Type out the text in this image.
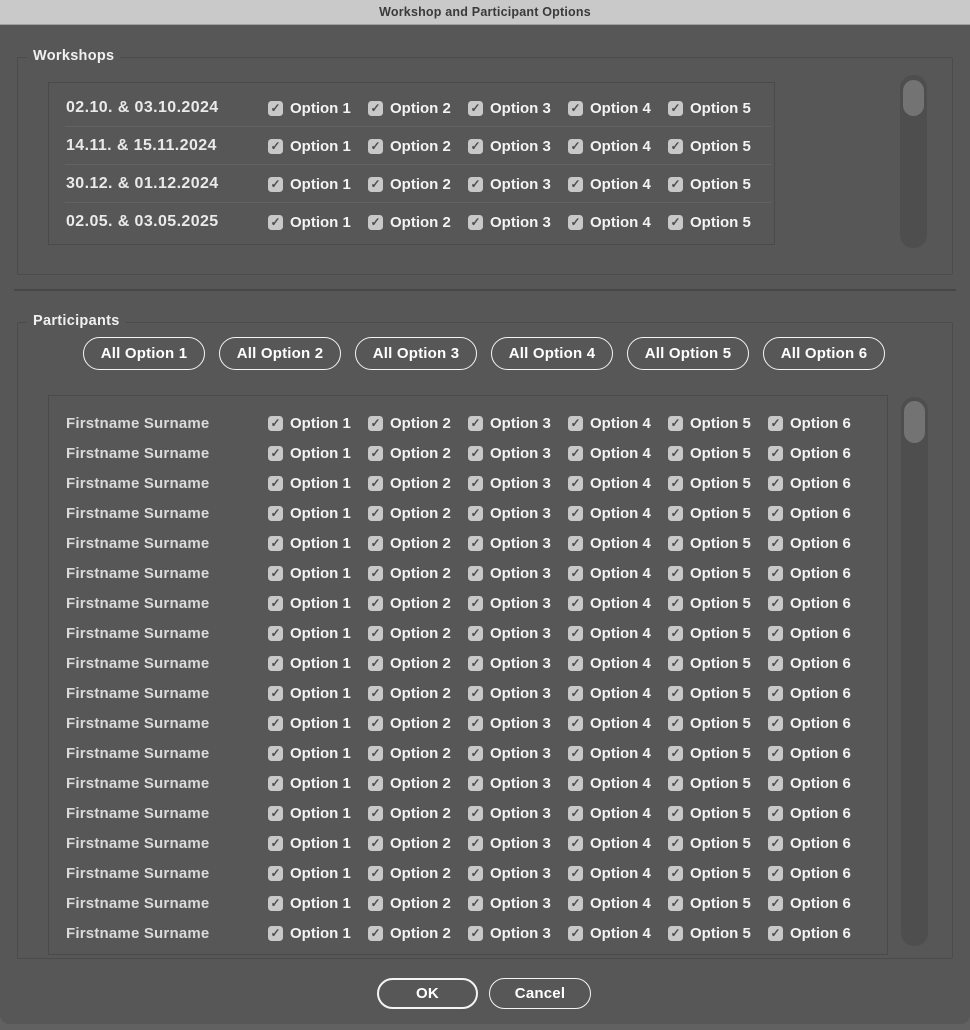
Workshop and Participant Options
Workshops
02.10. & 03.10.2024	✓ Option 1 ✓ Option 2 ✓ Option 3 ✓ Option 4 ✓ Option 5
14.11. & 15.11.2024	✓ Option 1 ✓ Option 2 ✓ Option 3 ✓ Option 4 ✓ Option 5
30.12. & 01.12.2024	✓ Option 1 ✓ Option 2 ✓ Option 3 ✓ Option 4 ✓ Option 5
02.05. & 03.05.2025	✓ Option 1 ✓ Option 2 ✓ Option 3 ✓ Option 4 ✓ Option 5
Participants
All Option 1	All Option 2	All Option 3	All Option 4	All Option 5	All Option 6
Firstname Surname	✓ Option 1 ✓ Option 2 ✓ Option 3 ✓ Option 4 ✓ Option 5 ✓ Option 6
Firstname Surname	✓ Option 1 ✓ Option 2 ✓ Option 3 ✓ Option 4 ✓ Option 5 ✓ Option 6
Firstname Surname	✓ Option 1 ✓ Option 2 ✓ Option 3 ✓ Option 4 ✓ Option 5 ✓ Option 6
Firstname Surname	✓ Option 1 ✓ Option 2 ✓ Option 3 ✓ Option 4 ✓ Option 5 ✓ Option 6
Firstname Surname	✓ Option 1 ✓ Option 2 ✓ Option 3 ✓ Option 4 ✓ Option 5 ✓ Option 6
Firstname Surname	✓ Option 1 ✓ Option 2 ✓ Option 3 ✓ Option 4 ✓ Option 5 ✓ Option 6
Firstname Surname	✓ Option 1 ✓ Option 2 ✓ Option 3 ✓ Option 4 ✓ Option 5 ✓ Option 6
Firstname Surname	✓ Option 1 ✓ Option 2 ✓ Option 3 ✓ Option 4 ✓ Option 5 ✓ Option 6
Firstname Surname	✓ Option 1 ✓ Option 2 ✓ Option 3 ✓ Option 4 ✓ Option 5 ✓ Option 6
Firstname Surname	✓ Option 1 ✓ Option 2 ✓ Option 3 ✓ Option 4 ✓ Option 5 ✓ Option 6
Firstname Surname	✓ Option 1 ✓ Option 2 ✓ Option 3 ✓ Option 4 ✓ Option 5 ✓ Option 6
Firstname Surname	✓ Option 1 ✓ Option 2 ✓ Option 3 ✓ Option 4 ✓ Option 5 ✓ Option 6
Firstname Surname	✓ Option 1 ✓ Option 2 ✓ Option 3 ✓ Option 4 ✓ Option 5 ✓ Option 6
Firstname Surname	✓ Option 1 ✓ Option 2 ✓ Option 3 ✓ Option 4 ✓ Option 5 ✓ Option 6
Firstname Surname	✓ Option 1 ✓ Option 2 ✓ Option 3 ✓ Option 4 ✓ Option 5 ✓ Option 6
Firstname Surname	✓ Option 1 ✓ Option 2 ✓ Option 3 ✓ Option 4 ✓ Option 5 ✓ Option 6
Firstname Surname	✓ Option 1 ✓ Option 2 ✓ Option 3 ✓ Option 4 ✓ Option 5 ✓ Option 6
Firstname Surname	✓ Option 1 ✓ Option 2 ✓ Option 3 ✓ Option 4 ✓ Option 5 ✓ Option 6
OK	Cancel
